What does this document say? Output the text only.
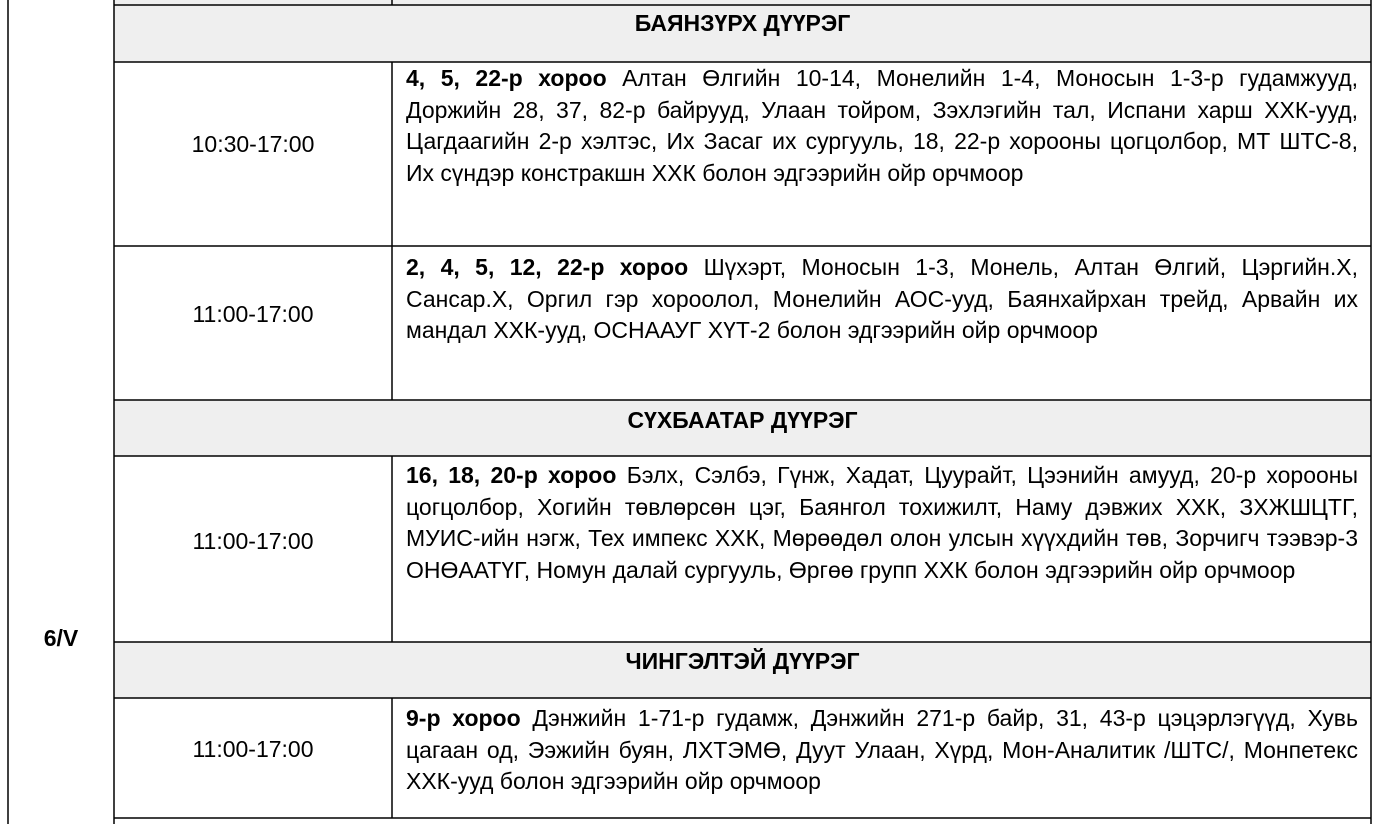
6/V
БАЯНЗҮРХ ДҮҮРЭГ
10:30-17:00
4, 5, 22-р хороо Алтан Өлгийн 10-14, Монелийн 1-4, Моносын 1-3-р гудамжууд, Доржийн 28, 37, 82-р байрууд, Улаан тойром, Зэхлэгийн тал, Испани харш ХХК-ууд, Цагдаагийн 2-р хэлтэс, Их Засаг их сургууль, 18, 22-р хорооны цогцолбор, МТ ШТС-8, Их сүндэр констракшн ХХК болон эдгээрийн ойр орчмоор
11:00-17:00
2, 4, 5, 12, 22-р хороо Шүхэрт, Моносын 1-3, Монель, Алтан Өлгий, Цэргийн.Х, Сансар.Х, Оргил гэр хороолол, Монелийн АОС-ууд, Баянхайрхан трейд, Арвайн их мандал ХХК-ууд, ОСНААУГ ХҮТ-2 болон эдгээрийн ойр орчмоор
СҮХБААТАР ДҮҮРЭГ
11:00-17:00
16, 18, 20-р хороо Бэлх, Сэлбэ, Гүнж, Хадат, Цуурайт, Цээнийн амууд, 20-р хорооны цогцолбор, Хогийн төвлөрсөн цэг, Баянгол тохижилт, Наму дэвжих ХХК, ЗХЖШЦТГ, МУИС-ийн нэгж, Тех импекс ХХК, Мөрөөдөл олон улсын хүүхдийн төв, Зорчигч тээвэр-3 ОНӨААТҮГ, Номун далай сургууль, Өргөө групп ХХК болон эдгээрийн ойр орчмоор
ЧИНГЭЛТЭЙ ДҮҮРЭГ
11:00-17:00
9-р хороо Дэнжийн 1-71-р гудамж, Дэнжийн 271-р байр, 31, 43-р цэцэрлэгүүд, Хувь цагаан од, Ээжийн буян, ЛХТЭМӨ, Дуут Улаан, Хүрд, Мон-Аналитик /ШТС/, Монпетекс ХХК-ууд болон эдгээрийн ойр орчмоор
